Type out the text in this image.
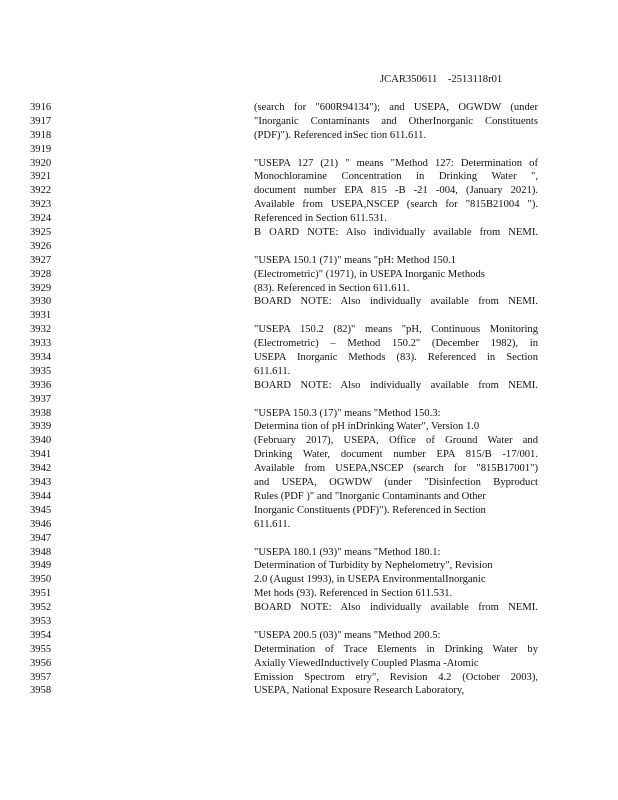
JCAR350611    -2513118r01
3916
3917
3918
3919
3920
3921
3922
3923
3924
3925
3926
3927
3928
3929
3930
3931
3932
3933
3934
3935
3936
3937
3938
3939
3940
3941
3942
3943
3944
3945
3946
3947
3948
3949
3950
3951
3952
3953
3954
3955
3956
3957
3958
(search for "600R94134"); and USEPA, OGWDW (under
"Inorganic Contaminants and OtherInorganic Constituents
(PDF)"). Referenced inSec tion 611.611.
"USEPA 127 (21) " means "Method 127: Determination of
Monochloramine Concentration in Drinking Water ",
document number EPA 815 -B -21 -004, (January 2021).
Available from USEPA,NSCEP (search for "815B21004 ").
Referenced in Section 611.531.
B OARD NOTE: Also individually available from NEMI.
"USEPA 150.1 (71)" means "pH: Method 150.1
(Electrometric)" (1971), in USEPA Inorganic Methods
(83). Referenced in Section 611.611.
BOARD NOTE: Also individually available from NEMI.
"USEPA 150.2 (82)" means "pH, Continuous Monitoring
(Electrometric) – Method 150.2" (December 1982), in
USEPA Inorganic Methods (83). Referenced in Section
611.611.
BOARD NOTE: Also individually available from NEMI.
"USEPA 150.3 (17)" means "Method 150.3:
Determina tion of pH inDrinking Water", Version 1.0
(February 2017), USEPA, Office of Ground Water and
Drinking Water, document number EPA 815/B -17/001.
Available from USEPA,NSCEP (search for "815B17001")
and USEPA, OGWDW (under "Disinfection Byproduct
Rules (PDF )" and "Inorganic Contaminants and Other
Inorganic Constituents (PDF)"). Referenced in Section
611.611.
"USEPA 180.1 (93)" means "Method 180.1:
Determination of Turbidity by Nephelometry", Revision
2.0 (August 1993), in USEPA EnvironmentalInorganic
Met hods (93). Referenced in Section 611.531.
BOARD NOTE: Also individually available from NEMI.
"USEPA 200.5 (03)" means "Method 200.5:
Determination of Trace Elements in Drinking Water by
Axially ViewedInductively Coupled Plasma -Atomic
Emission Spectrom etry", Revision 4.2 (October 2003),
USEPA, National Exposure Research Laboratory,
